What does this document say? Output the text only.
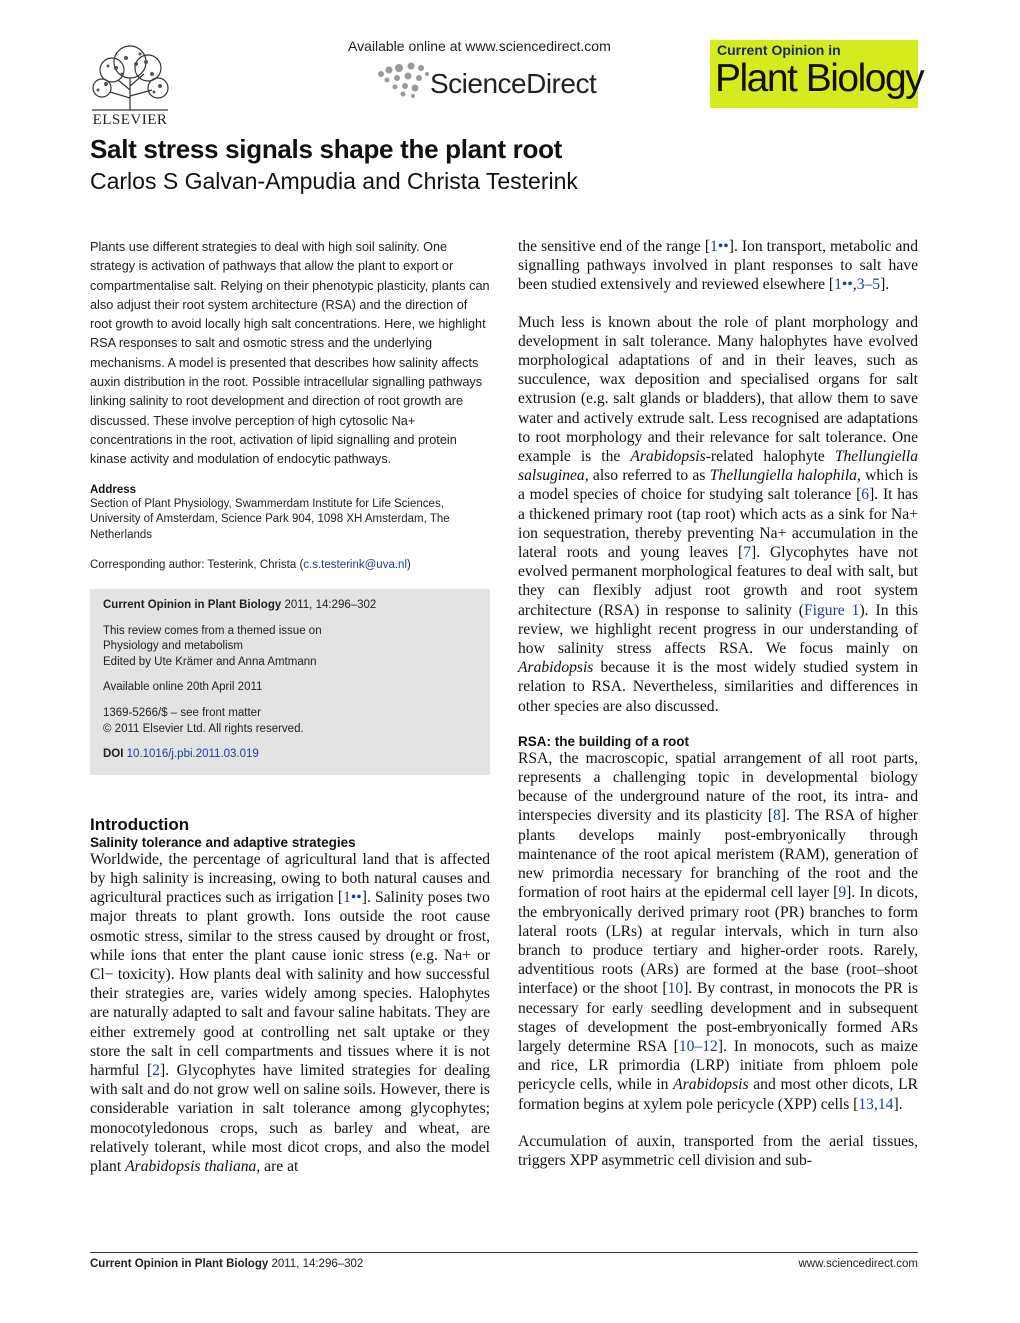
ELSEVIER
Available online at www.sciencedirect.com
ScienceDirect
Current Opinion in
Plant Biology
Salt stress signals shape the plant root
Carlos S Galvan-Ampudia and Christa Testerink

Plants use different strategies to deal with high soil salinity. One strategy is activation of pathways that allow the plant to export or compartmentalise salt. Relying on their phenotypic plasticity, plants can also adjust their root system architecture (RSA) and the direction of root growth to avoid locally high salt concentrations. Here, we highlight RSA responses to salt and osmotic stress and the underlying mechanisms. A model is presented that describes how salinity affects auxin distribution in the root. Possible intracellular signalling pathways linking salinity to root development and direction of root growth are discussed. These involve perception of high cytosolic Na+ concentrations in the root, activation of lipid signalling and protein kinase activity and modulation of endocytic pathways.

Address
Section of Plant Physiology, Swammerdam Institute for Life Sciences, University of Amsterdam, Science Park 904, 1098 XH Amsterdam, The Netherlands
Corresponding author: Testerink, Christa (c.s.testerink@uva.nl)
Current Opinion in Plant Biology 2011, 14:296–302
This review comes from a themed issue on
Physiology and metabolism
Edited by Ute Krämer and Anna Amtmann
Available online 20th April 2011
1369-5266/$ – see front matter
© 2011 Elsevier Ltd. All rights reserved.
DOI 10.1016/j.pbi.2011.03.019
Introduction
Salinity tolerance and adaptive strategies

Worldwide, the percentage of agricultural land that is affected by high salinity is increasing, owing to both natural causes and agricultural practices such as irrigation [1••]. Salinity poses two major threats to plant growth. Ions outside the root cause osmotic stress, similar to the stress caused by drought or frost, while ions that enter the plant cause ionic stress (e.g. Na+ or Cl− toxicity). How plants deal with salinity and how successful their strategies are, varies widely among species. Halophytes are naturally adapted to salt and favour saline habitats. They are either extremely good at controlling net salt uptake or they store the salt in cell compartments and tissues where it is not harmful [2]. Glycophytes have limited strategies for dealing with salt and do not grow well on saline soils. However, there is considerable variation in salt tolerance among glycophytes; monocotyledonous crops, such as barley and wheat, are relatively tolerant, while most dicot crops, and also the model plant Arabidopsis thaliana, are at

the sensitive end of the range [1••]. Ion transport, metabolic and signalling pathways involved in plant responses to salt have been studied extensively and reviewed elsewhere [1••,3–5].

Much less is known about the role of plant morphology and development in salt tolerance. Many halophytes have evolved morphological adaptations of and in their leaves, such as succulence, wax deposition and specialised organs for salt extrusion (e.g. salt glands or bladders), that allow them to save water and actively extrude salt. Less recognised are adaptations to root morphology and their relevance for salt tolerance. One example is the Arabidopsis-related halophyte Thellungiella salsuginea, also referred to as Thellungiella halophila, which is a model species of choice for studying salt tolerance [6]. It has a thickened primary root (tap root) which acts as a sink for Na+ ion sequestration, thereby preventing Na+ accumulation in the lateral roots and young leaves [7]. Glycophytes have not evolved permanent morphological features to deal with salt, but they can flexibly adjust root growth and root system architecture (RSA) in response to salinity (Figure 1). In this review, we highlight recent progress in our understanding of how salinity stress affects RSA. We focus mainly on Arabidopsis because it is the most widely studied system in relation to RSA. Nevertheless, similarities and differences in other species are also discussed.

RSA: the building of a root

RSA, the macroscopic, spatial arrangement of all root parts, represents a challenging topic in developmental biology because of the underground nature of the root, its intra- and interspecies diversity and its plasticity [8]. The RSA of higher plants develops mainly post-embryonically through maintenance of the root apical meristem (RAM), generation of new primordia necessary for branching of the root and the formation of root hairs at the epidermal cell layer [9]. In dicots, the embryonically derived primary root (PR) branches to form lateral roots (LRs) at regular intervals, which in turn also branch to produce tertiary and higher-order roots. Rarely, adventitious roots (ARs) are formed at the base (root–shoot interface) or the shoot [10]. By contrast, in monocots the PR is necessary for early seedling development and in subsequent stages of development the post-embryonically formed ARs largely determine RSA [10–12]. In monocots, such as maize and rice, LR primordia (LRP) initiate from phloem pole pericycle cells, while in Arabidopsis and most other dicots, LR formation begins at xylem pole pericycle (XPP) cells [13,14].

Accumulation of auxin, transported from the aerial tissues, triggers XPP asymmetric cell division and sub-

Current Opinion in Plant Biology 2011, 14:296–302	www.sciencedirect.com
